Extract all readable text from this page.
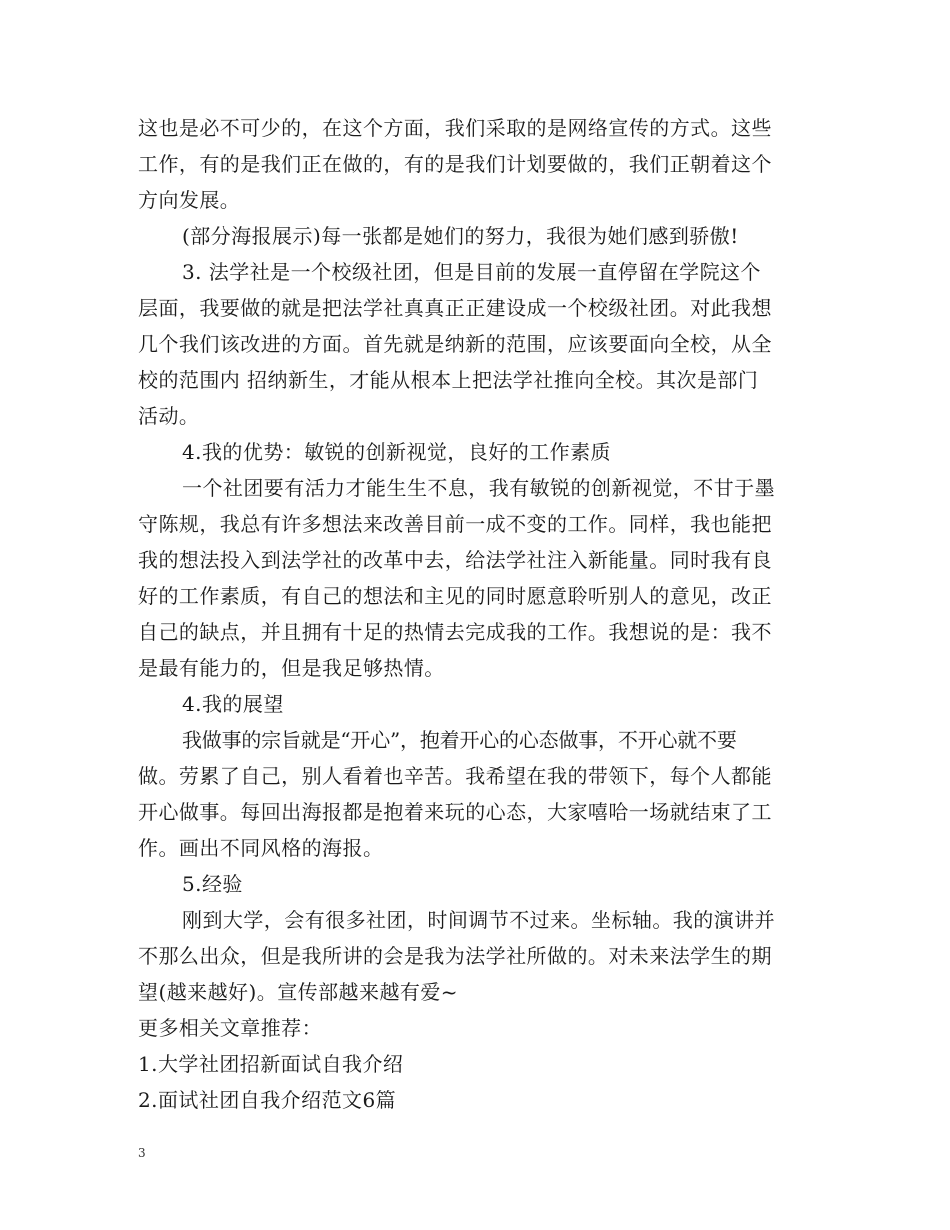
这也是必不可少的，在这个方面，我们采取的是网络宣传的方式。这些
工作，有的是我们正在做的，有的是我们计划要做的，我们正朝着这个
方向发展。
(部分海报展示)每一张都是她们的努力，我很为她们感到骄傲!
3. 法学社是一个校级社团，但是目前的发展一直停留在学院这个
层面，我要做的就是把法学社真真正正建设成一个校级社团。对此我想
几个我们该改进的方面。首先就是纳新的范围，应该要面向全校，从全
校的范围内 招纳新生，才能从根本上把法学社推向全校。其次是部门
活动。
4.我的优势：敏锐的创新视觉，良好的工作素质
一个社团要有活力才能生生不息，我有敏锐的创新视觉，不甘于墨
守陈规，我总有许多想法来改善目前一成不变的工作。同样，我也能把
我的想法投入到法学社的改革中去，给法学社注入新能量。同时我有良
好的工作素质，有自己的想法和主见的同时愿意聆听别人的意见，改正
自己的缺点，并且拥有十足的热情去完成我的工作。我想说的是：我不
是最有能力的，但是我足够热情。
4.我的展望
我做事的宗旨就是“开心”，抱着开心的心态做事，不开心就不要
做。劳累了自己，别人看着也辛苦。我希望在我的带领下，每个人都能
开心做事。每回出海报都是抱着来玩的心态，大家嘻哈一场就结束了工
作。画出不同风格的海报。
5.经验
刚到大学，会有很多社团，时间调节不过来。坐标轴。我的演讲并
不那么出众，但是我所讲的会是我为法学社所做的。对未来法学生的期
望(越来越好)。宣传部越来越有爱~
更多相关文章推荐：
1.大学社团招新面试自我介绍
2.面试社团自我介绍范文6篇
3
